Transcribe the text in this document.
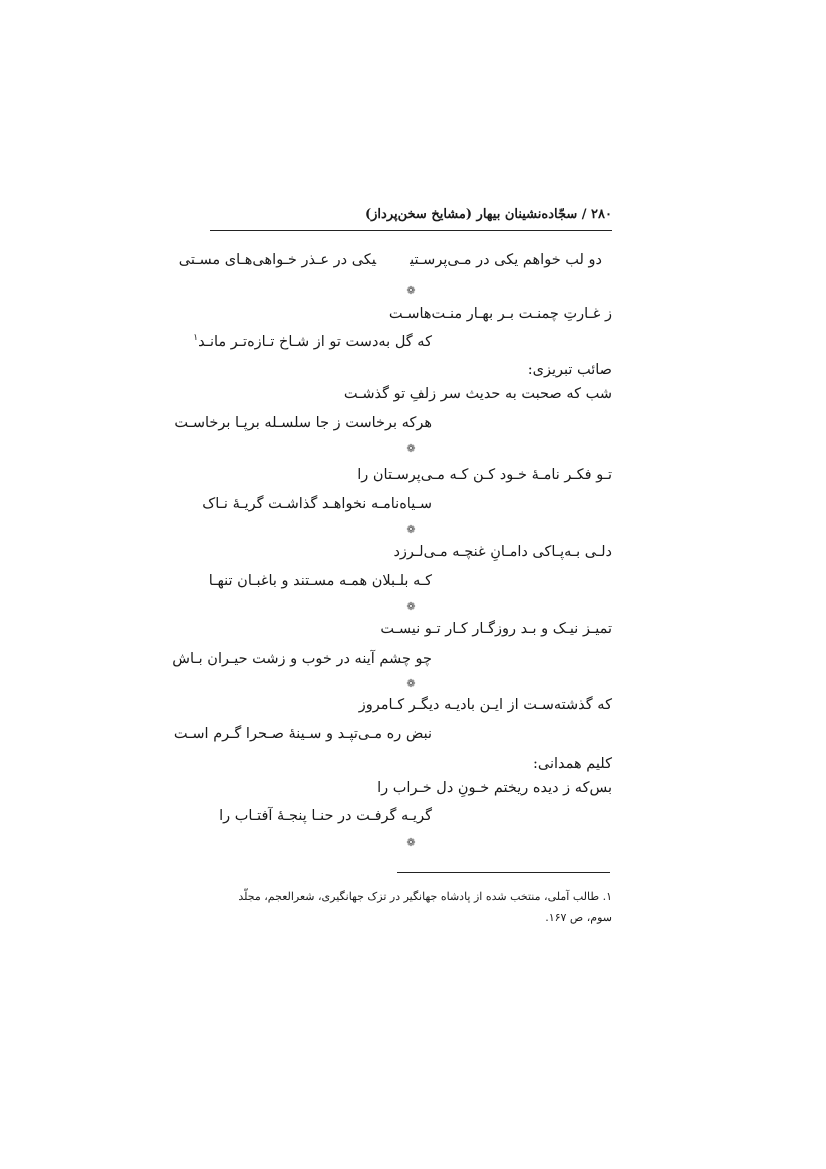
۲۸۰ / سجّاده‌نشینان بیهار (مشایخ سخن‌پرداز)
دو لب خواهم یکی در مـی‌پرسـتییکی در عـذر خـواهی‌هـای مسـتی
❁
ز غـارتِ چمنـت بـر بهـار منـت‌هاسـت
که گل به‌دست تو از شـاخ تـازه‌تـر مانـد$^۱$
صائب تبریزی:
شب که صحبت به حدیث سر زلفِ تو گذشـت
هرکه برخاست ز جا سلسـله برپـا برخاسـت
❁
تـو فکـر نامـۀ خـود کـن کـه مـی‌پرسـتان را
سـیاه‌نامـه نخواهـد گذاشـت گریـۀ نـاک
❁
دلـی بـه‌پـاکی دامـانِ غنچـه مـی‌لـرزد
کـه بلـبلان همـه مسـتند و باغبـان تنهـا
❁
تمیـز نیـک و بـد روزگـار کـار تـو نیسـت
چو چشم آینه در خوب و زشت حیـران بـاش
❁
که گذشته‌سـت از ایـن بادیـه دیگـر کـامروز
نبض ره مـی‌تپـد و سـینۀ صـحرا گـرم اسـت
کلیم همدانی:
بس‌که ز دیده ریختم خـونِ دل خـراب را
گریـه گرفـت در حنـا پنجـۀ آفتـاب را
❁
۱. طالب آملی، منتخب شده از پادشاه جهانگیر در تزک جهانگیری، شعرالعجم، مجلّد سوم، ص ۱۶۷.
